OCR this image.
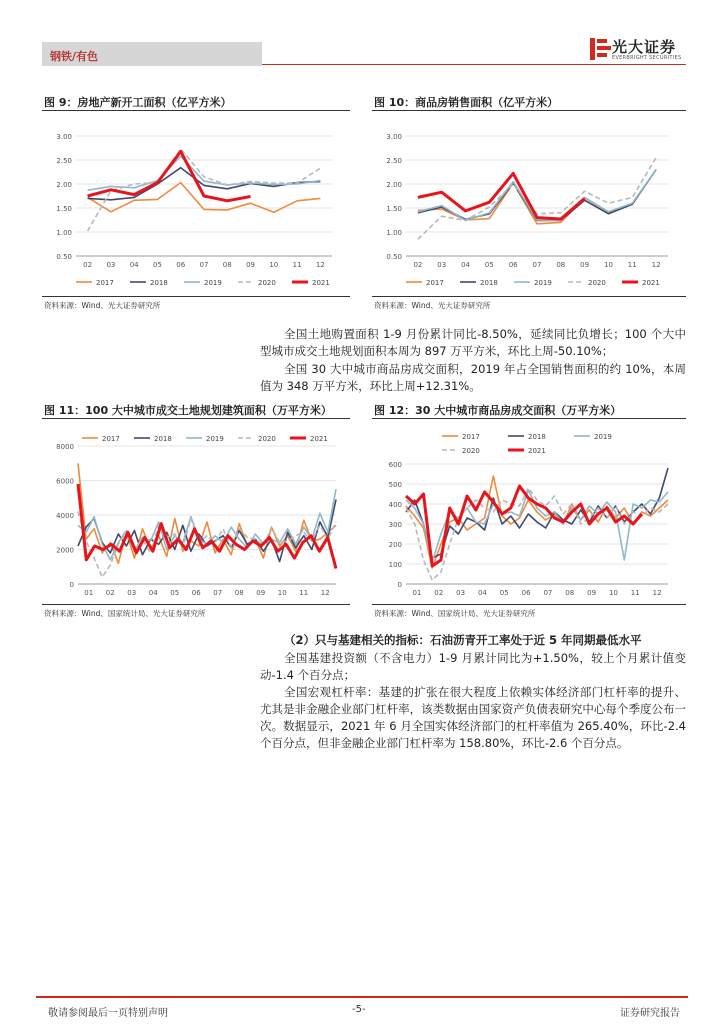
钢铁/有色
光大证券
EVERBRIGHT SECURITIES
图 9：房地产新开工面积（亿平方米）
0.50
1.00
1.50
2.00
2.50
3.00
02 03 04 05 06 07 08 09 10 11 12
2017	2018	2019	2020	2021
资料来源：Wind、光大证券研究所
图 10：商品房销售面积（亿平方米）
0.50
1.00
1.50
2.00
2.50
3.00
02 03 04 05 06 07 08 09 10 11 12
2017	2018	2019	2020	2021
资料来源：Wind、光大证券研究所
全国土地购置面积 1-9 月份累计同比-8.50%，延续同比负增长；100 个大中型城市成交土地规划面积本周为 897 万平方米，环比上周-50.10%；
全国 30 大中城市商品房成交面积，2019 年占全国销售面积的约 10%，本周值为 348 万平方米，环比上周+12.31%。
图 11：100 大中城市成交土地规划建筑面积（万平方米）
0
2000
4000
6000
8000
01 02 03 04 05 06 07 08 09 10 11 12
2017	2018	2019	2020	2021
资料来源：Wind、国家统计局、光大证券研究所
图 12：30 大中城市商品房成交面积（万平方米）
0
100
200
300
400
500
600
01 02 03 04 05 06 07 08 09 10 11 12
2017	2018	2019
2020	2021
资料来源：Wind、国家统计局、光大证券研究所
（2）只与基建相关的指标：石油沥青开工率处于近 5 年同期最低水平
全国基建投资额（不含电力）1-9 月累计同比为+1.50%，较上个月累计值变动-1.4 个百分点；
全国宏观杠杆率：基建的扩张在很大程度上依赖实体经济部门杠杆率的提升、尤其是非金融企业部门杠杆率，该类数据由国家资产负债表研究中心每个季度公布一次。数据显示，2021 年 6 月全国实体经济部门的杠杆率值为 265.40%，环比-2.4 个百分点，但非金融企业部门杠杆率为 158.80%，环比-2.6 个百分点。
敬请参阅最后一页特别声明	-5-	证券研究报告
